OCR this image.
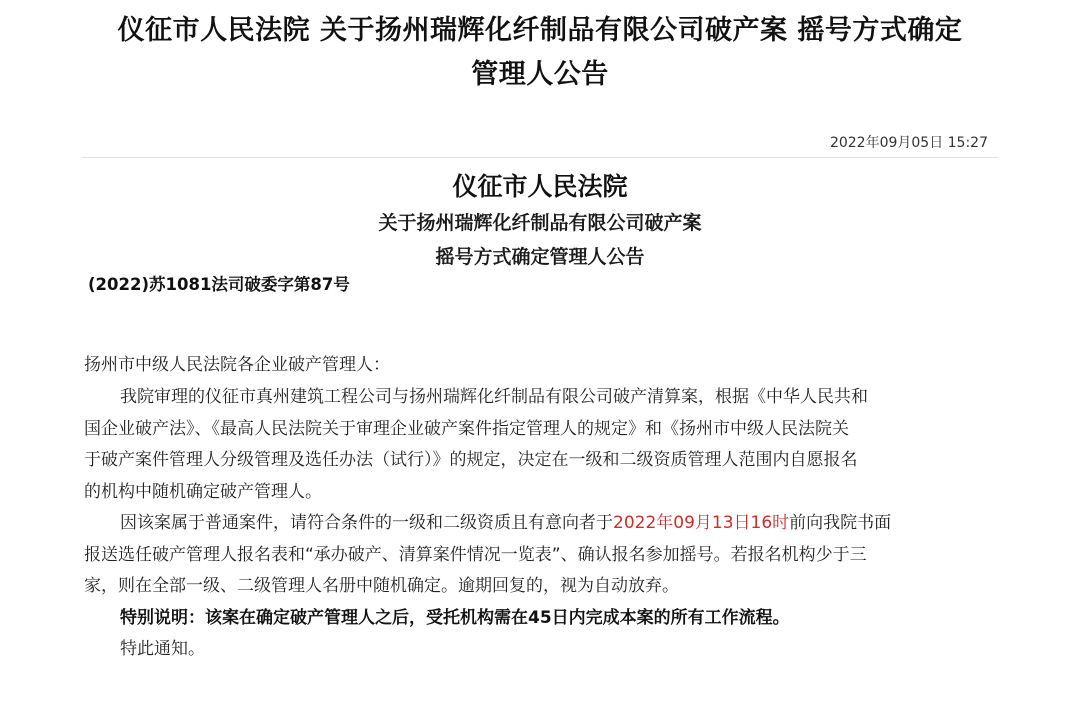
仪征市人民法院 关于扬州瑞辉化纤制品有限公司破产案 摇号方式确定
管理人公告
2022年09月05日 15:27
仪征市人民法院
关于扬州瑞辉化纤制品有限公司破产案
摇号方式确定管理人公告
(2022)苏1081法司破委字第87号
扬州市中级人民法院各企业破产管理人：
我院审理的仪征市真州建筑工程公司与扬州瑞辉化纤制品有限公司破产清算案，根据《中华人民共和
国企业破产法》、《最高人民法院关于审理企业破产案件指定管理人的规定》和《扬州市中级人民法院关
于破产案件管理人分级管理及选任办法（试行）》的规定，决定在一级和二级资质管理人范围内自愿报名
的机构中随机确定破产管理人。
因该案属于普通案件，请符合条件的一级和二级资质且有意向者于2022年09月13日16时前向我院书面
报送选任破产管理人报名表和“承办破产、清算案件情况一览表”、确认报名参加摇号。若报名机构少于三
家，则在全部一级、二级管理人名册中随机确定。逾期回复的，视为自动放弃。
特别说明：该案在确定破产管理人之后，受托机构需在45日内完成本案的所有工作流程。
特此通知。
